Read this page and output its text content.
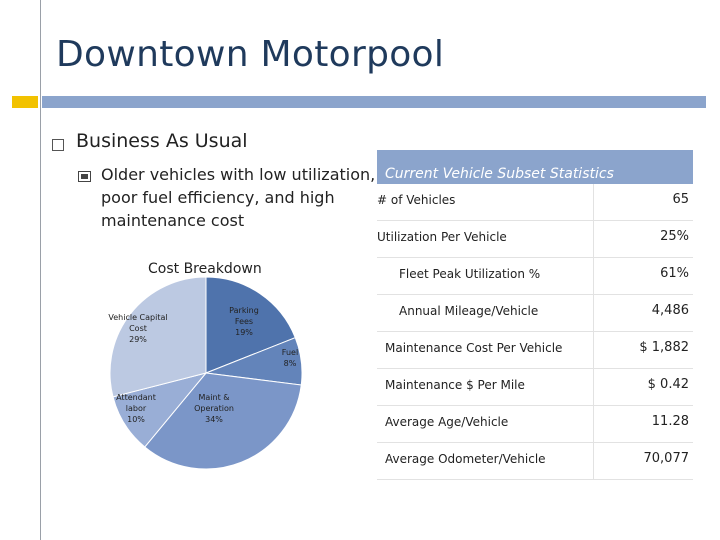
Downtown Motorpool
Business As Usual
Older vehicles with low utilization, poor fuel efficiency, and high maintenance cost
Cost Breakdown
Parking Fees 19%
Fuel 8%
Maint & Operation 34%
Attendant labor 10%
Vehicle Capital Cost 29%
Current Vehicle Subset Statistics
# of Vehicles	65
Utilization Per Vehicle	25%
Fleet Peak Utilization %	61%
Annual Mileage/Vehicle	4,486
Maintenance Cost Per Vehicle	$ 1,882
Maintenance $ Per Mile	$ 0.42
Average Age/Vehicle	11.28
Average Odometer/Vehicle	70,077
